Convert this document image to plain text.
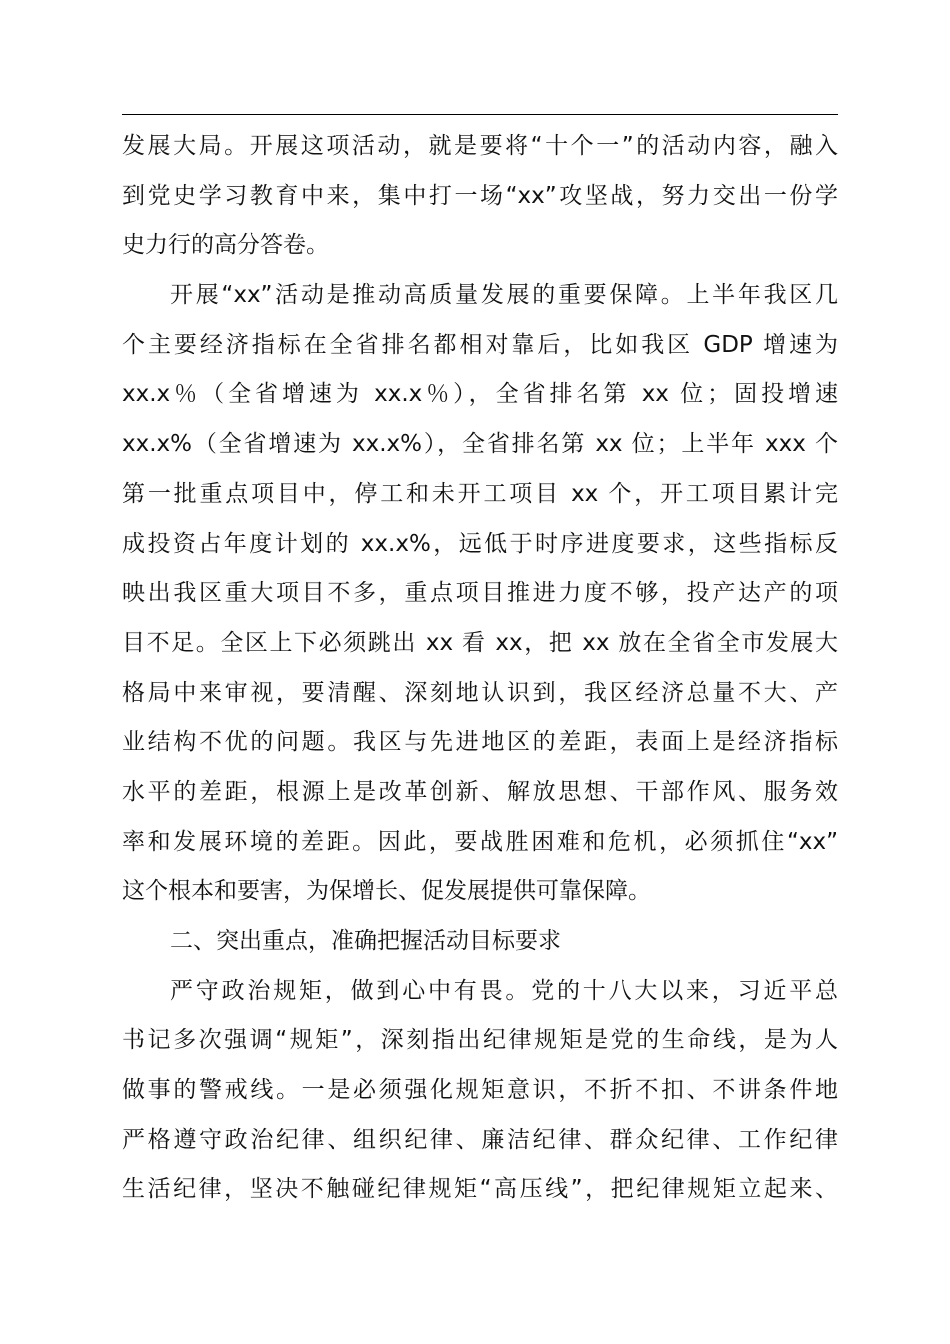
发展大局。开展这项活动，就是要将“十个一”的活动内容，融入
到党史学习教育中来，集中打一场“xx”攻坚战，努力交出一份学
史力行的高分答卷。
开展“xx”活动是推动高质量发展的重要保障。上半年我区几
个主要经济指标在全省排名都相对靠后，比如我区 GDP 增速为
xx.x％（全省增速为 xx.x％），全省排名第 xx 位；固投增速
xx.x%（全省增速为 xx.x%），全省排名第 xx 位；上半年 xxx 个
第一批重点项目中，停工和未开工项目 xx 个，开工项目累计完
成投资占年度计划的 xx.x%，远低于时序进度要求，这些指标反
映出我区重大项目不多，重点项目推进力度不够，投产达产的项
目不足。全区上下必须跳出 xx 看 xx，把 xx 放在全省全市发展大
格局中来审视，要清醒、深刻地认识到，我区经济总量不大、产
业结构不优的问题。我区与先进地区的差距，表面上是经济指标
水平的差距，根源上是改革创新、解放思想、干部作风、服务效
率和发展环境的差距。因此，要战胜困难和危机，必须抓住“xx”
这个根本和要害，为保增长、促发展提供可靠保障。
二、突出重点，准确把握活动目标要求
严守政治规矩，做到心中有畏。党的十八大以来，习近平总
书记多次强调“规矩”，深刻指出纪律规矩是党的生命线，是为人
做事的警戒线。一是必须强化规矩意识，不折不扣、不讲条件地
严格遵守政治纪律、组织纪律、廉洁纪律、群众纪律、工作纪律
生活纪律，坚决不触碰纪律规矩“高压线”，把纪律规矩立起来、
